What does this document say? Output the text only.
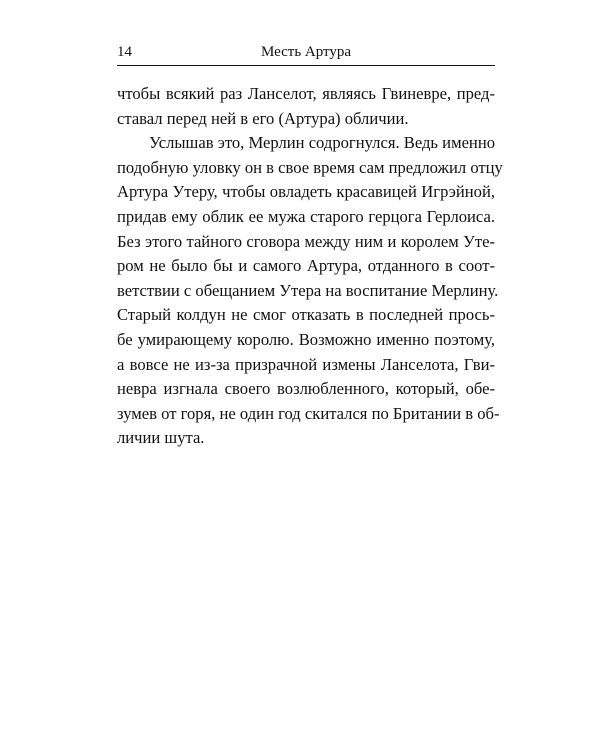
14	Месть Артура
чтобы всякий раз Ланселот, являясь Гвиневре, пред-
ставал перед ней в его (Артура) обличии.
Услышав это, Мерлин содрогнулся. Ведь именно
подобную уловку он в свое время сам предложил отцу
Артура Утеру, чтобы овладеть красавицей Игрэйной,
придав ему облик ее мужа старого герцога Герлоиса.
Без этого тайного сговора между ним и королем Уте-
ром не было бы и самого Артура, отданного в соот-
ветствии с обещанием Утера на воспитание Мерлину.
Старый колдун не смог отказать в последней прось-
бе умирающему королю. Возможно именно поэтому,
а вовсе не из-за призрачной измены Ланселота, Гви-
невра изгнала своего возлюбленного, который, обе-
зумев от горя, не один год скитался по Британии в об-
личии шута.
